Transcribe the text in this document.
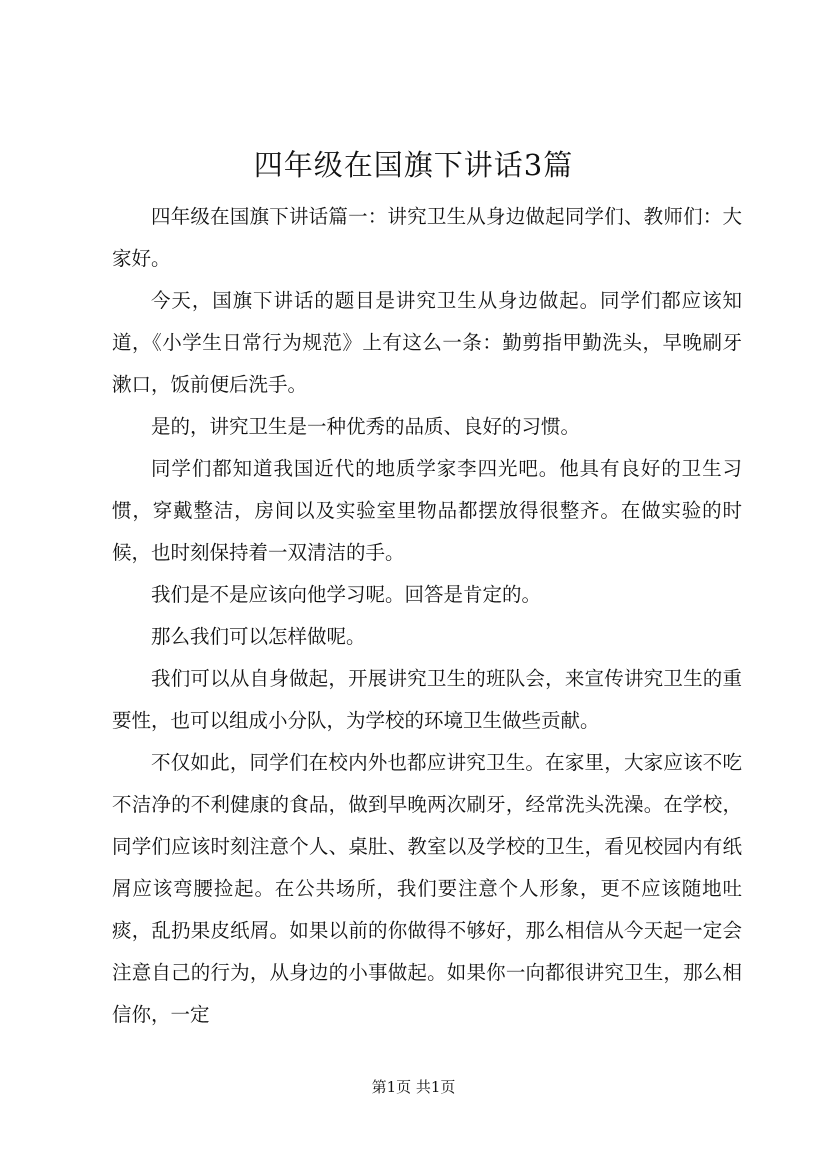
四年级在国旗下讲话3篇

四年级在国旗下讲话篇一：讲究卫生从身边做起同学们、教师们：大家好。

今天，国旗下讲话的题目是讲究卫生从身边做起。同学们都应该知道，《小学生日常行为规范》上有这么一条：勤剪指甲勤洗头，早晚刷牙漱口，饭前便后洗手。

是的，讲究卫生是一种优秀的品质、良好的习惯。

同学们都知道我国近代的地质学家李四光吧。他具有良好的卫生习惯，穿戴整洁，房间以及实验室里物品都摆放得很整齐。在做实验的时候，也时刻保持着一双清洁的手。

我们是不是应该向他学习呢。回答是肯定的。

那么我们可以怎样做呢。

我们可以从自身做起，开展讲究卫生的班队会，来宣传讲究卫生的重要性，也可以组成小分队，为学校的环境卫生做些贡献。

不仅如此，同学们在校内外也都应讲究卫生。在家里，大家应该不吃不洁净的不利健康的食品，做到早晚两次刷牙，经常洗头洗澡。在学校，同学们应该时刻注意个人、桌肚、教室以及学校的卫生，看见校园内有纸屑应该弯腰捡起。在公共场所，我们要注意个人形象，更不应该随地吐痰，乱扔果皮纸屑。如果以前的你做得不够好，那么相信从今天起一定会注意自己的行为，从身边的小事做起。如果你一向都很讲究卫生，那么相信你，一定

第1页 共1页
